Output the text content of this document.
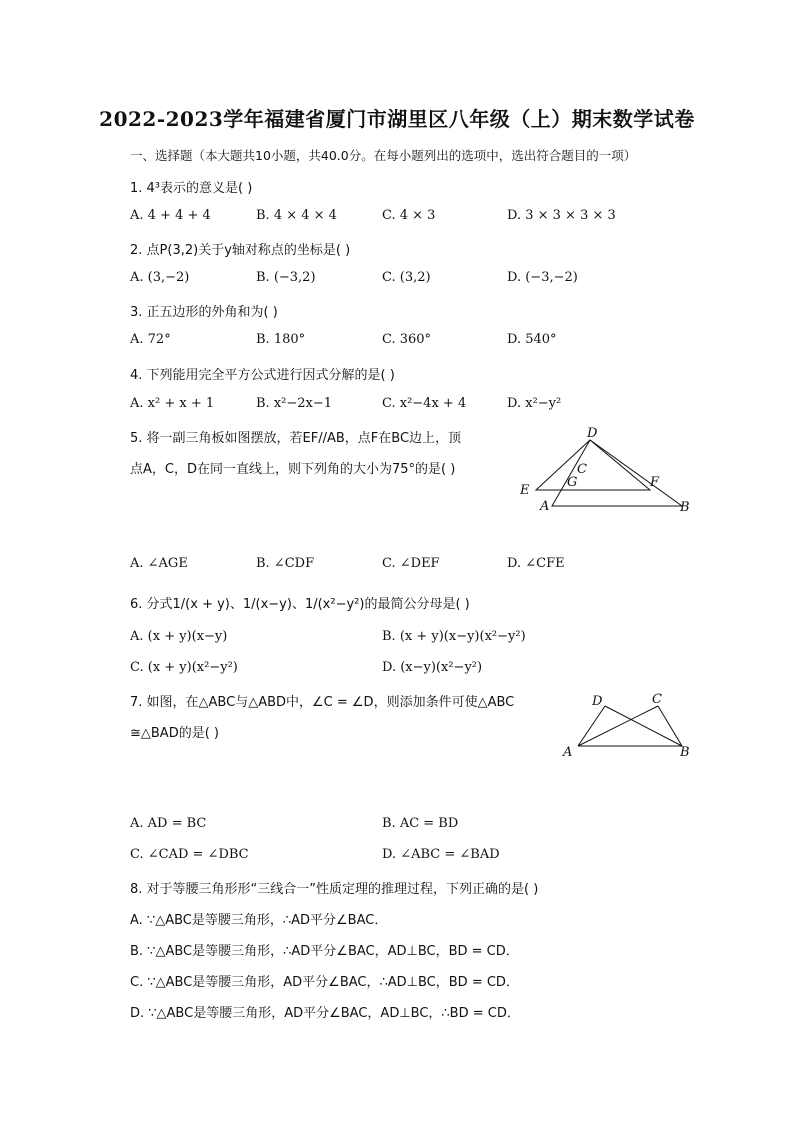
2022-2023学年福建省厦门市湖里区八年级（上）期末数学试卷
一、选择题（本大题共10小题，共40.0分。在每小题列出的选项中，选出符合题目的一项）
1. 4³表示的意义是( )
A. 4 + 4 + 4	B. 4 × 4 × 4	C. 4 × 3	D. 3 × 3 × 3 × 3
2. 点P(3,2)关于y轴对称点的坐标是( )
A. (3,−2)	B. (−3,2)	C. (3,2)	D. (−3,−2)
3. 正五边形的外角和为( )
A. 72°	B. 180°	C. 360°	D. 540°
4. 下列能用完全平方公式进行因式分解的是( )
A. x² + x + 1	B. x²−2x−1	C. x²−4x + 4	D. x²−y²
5. 将一副三角板如图摆放，若EF//AB，点F在BC边上，顶
点A，C，D在同一直线上，则下列角的大小为75°的是( )
D
C
E
G	F
A	B
A. ∠AGE	B. ∠CDF	C. ∠DEF	D. ∠CFE
6. 分式1/(x + y)、1/(x−y)、1/(x²−y²)的最简公分母是( )
A. (x + y)(x−y)	B. (x + y)(x−y)(x²−y²)
C. (x + y)(x²−y²)	D. (x−y)(x²−y²)
7. 如图，在△ABC与△ABD中，∠C = ∠D，则添加条件可使△ABC
≅△BAD的是( )
D	C
A	B
A. AD = BC	B. AC = BD
C. ∠CAD = ∠DBC	D. ∠ABC = ∠BAD
8. 对于等腰三角形形“三线合一”性质定理的推理过程，下列正确的是( )
A. ∵△ABC是等腰三角形，∴AD平分∠BAC．
B. ∵△ABC是等腰三角形，∴AD平分∠BAC，AD⊥BC，BD = CD．
C. ∵△ABC是等腰三角形，AD平分∠BAC，∴AD⊥BC，BD = CD．
D. ∵△ABC是等腰三角形，AD平分∠BAC，AD⊥BC，∴BD = CD．
